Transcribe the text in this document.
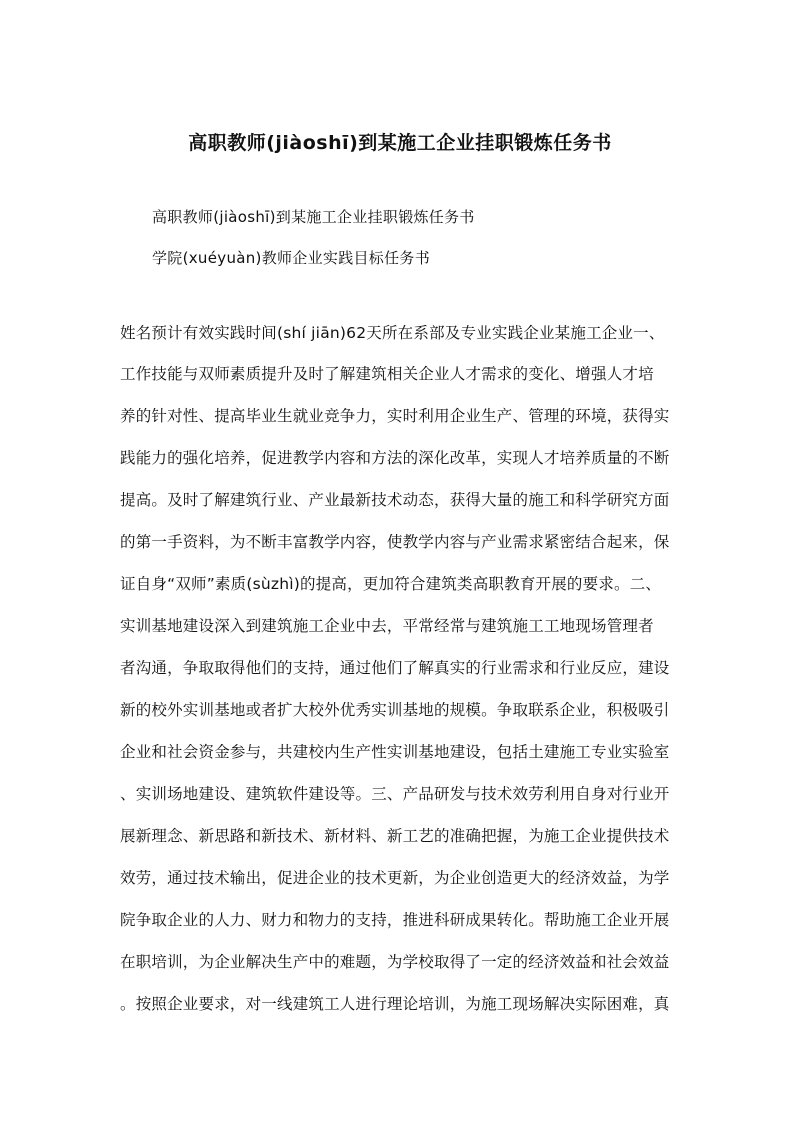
高职教师(jiàoshī)到某施工企业挂职锻炼任务书
高职教师(jiàoshī)到某施工企业挂职锻炼任务书
学院(xuéyuàn)教师企业实践目标任务书
姓名预计有效实践时间(shí jiān)62天所在系部及专业实践企业某施工企业一、
工作技能与双师素质提升及时了解建筑相关企业人才需求的变化、增强人才培
养的针对性、提高毕业生就业竞争力，实时利用企业生产、管理的环境，获得实
践能力的强化培养，促进教学内容和方法的深化改革，实现人才培养质量的不断
提高。及时了解建筑行业、产业最新技术动态，获得大量的施工和科学研究方面
的第一手资料，为不断丰富教学内容，使教学内容与产业需求紧密结合起来，保
证自身“双师”素质(sùzhì)的提高，更加符合建筑类高职教育开展的要求。二、
实训基地建设深入到建筑施工企业中去，平常经常与建筑施工工地现场管理者
者沟通，争取取得他们的支持，通过他们了解真实的行业需求和行业反应，建设
新的校外实训基地或者扩大校外优秀实训基地的规模。争取联系企业，积极吸引
企业和社会资金参与，共建校内生产性实训基地建设，包括土建施工专业实验室
、实训场地建设、建筑软件建设等。三、产品研发与技术效劳利用自身对行业开
展新理念、新思路和新技术、新材料、新工艺的准确把握，为施工企业提供技术
效劳，通过技术输出，促进企业的技术更新，为企业创造更大的经济效益，为学
院争取企业的人力、财力和物力的支持，推进科研成果转化。帮助施工企业开展
在职培训，为企业解决生产中的难题，为学校取得了一定的经济效益和社会效益
。按照企业要求，对一线建筑工人进行理论培训，为施工现场解决实际困难，真
